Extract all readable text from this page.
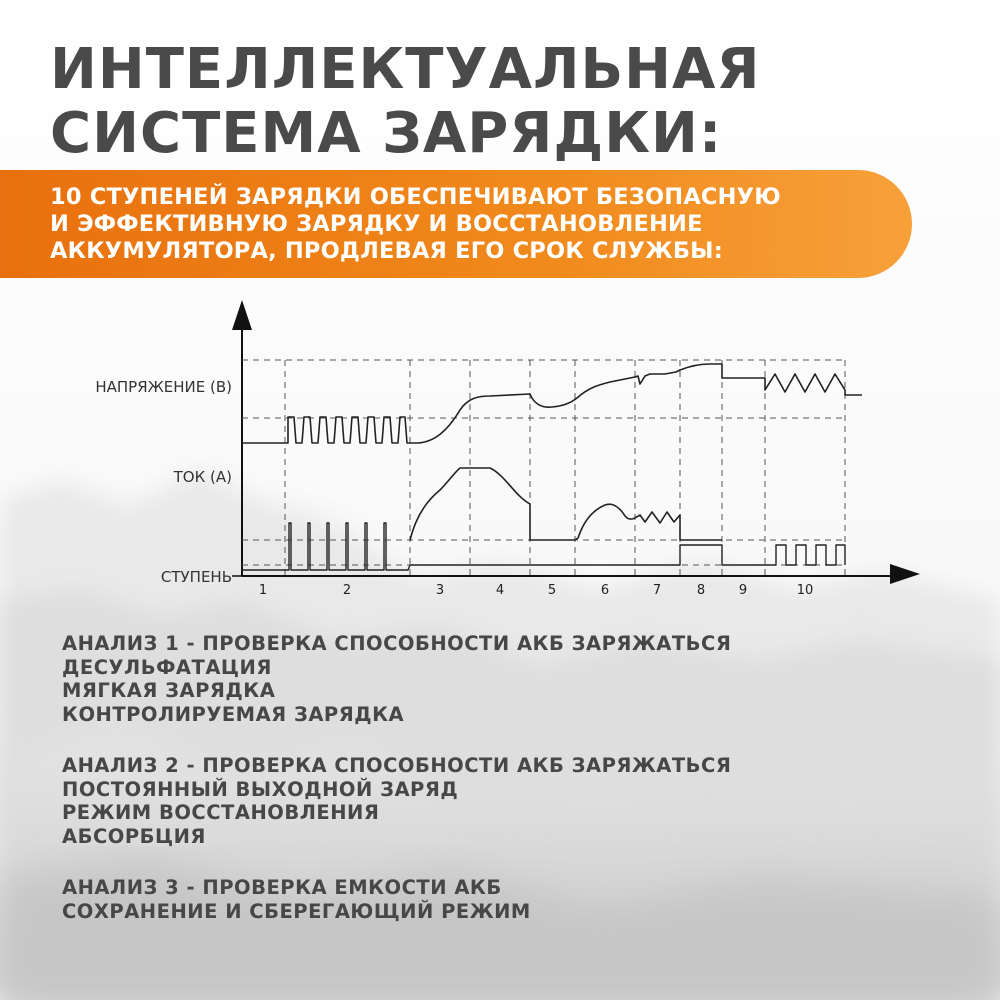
ИНТЕЛЛЕКТУАЛЬНАЯ
СИСТЕМА ЗАРЯДКИ:

10 СТУПЕНЕЙ ЗАРЯДКИ ОБЕСПЕЧИВАЮТ БЕЗОПАСНУЮ
И ЭФФЕКТИВНУЮ ЗАРЯДКУ И ВОССТАНОВЛЕНИЕ
АККУМУЛЯТОРА, ПРОДЛЕВАЯ ЕГО СРОК СЛУЖБЫ:

НАПРЯЖЕНИЕ (В)
ТОК (А)
СТУПЕНЬ
1	2	3	4	5	6	7	8	9	10
АНАЛИЗ 1 - ПРОВЕРКА СПОСОБНОСТИ АКБ ЗАРЯЖАТЬСЯ
ДЕСУЛЬФАТАЦИЯ
МЯГКАЯ ЗАРЯДКА
КОНТРОЛИРУЕМАЯ ЗАРЯДКА
АНАЛИЗ 2 - ПРОВЕРКА СПОСОБНОСТИ АКБ ЗАРЯЖАТЬСЯ
ПОСТОЯННЫЙ ВЫХОДНОЙ ЗАРЯД
РЕЖИМ ВОССТАНОВЛЕНИЯ
АБСОРБЦИЯ
АНАЛИЗ 3 - ПРОВЕРКА ЕМКОСТИ АКБ
СОХРАНЕНИЕ И СБЕРЕГАЮЩИЙ РЕЖИМ
